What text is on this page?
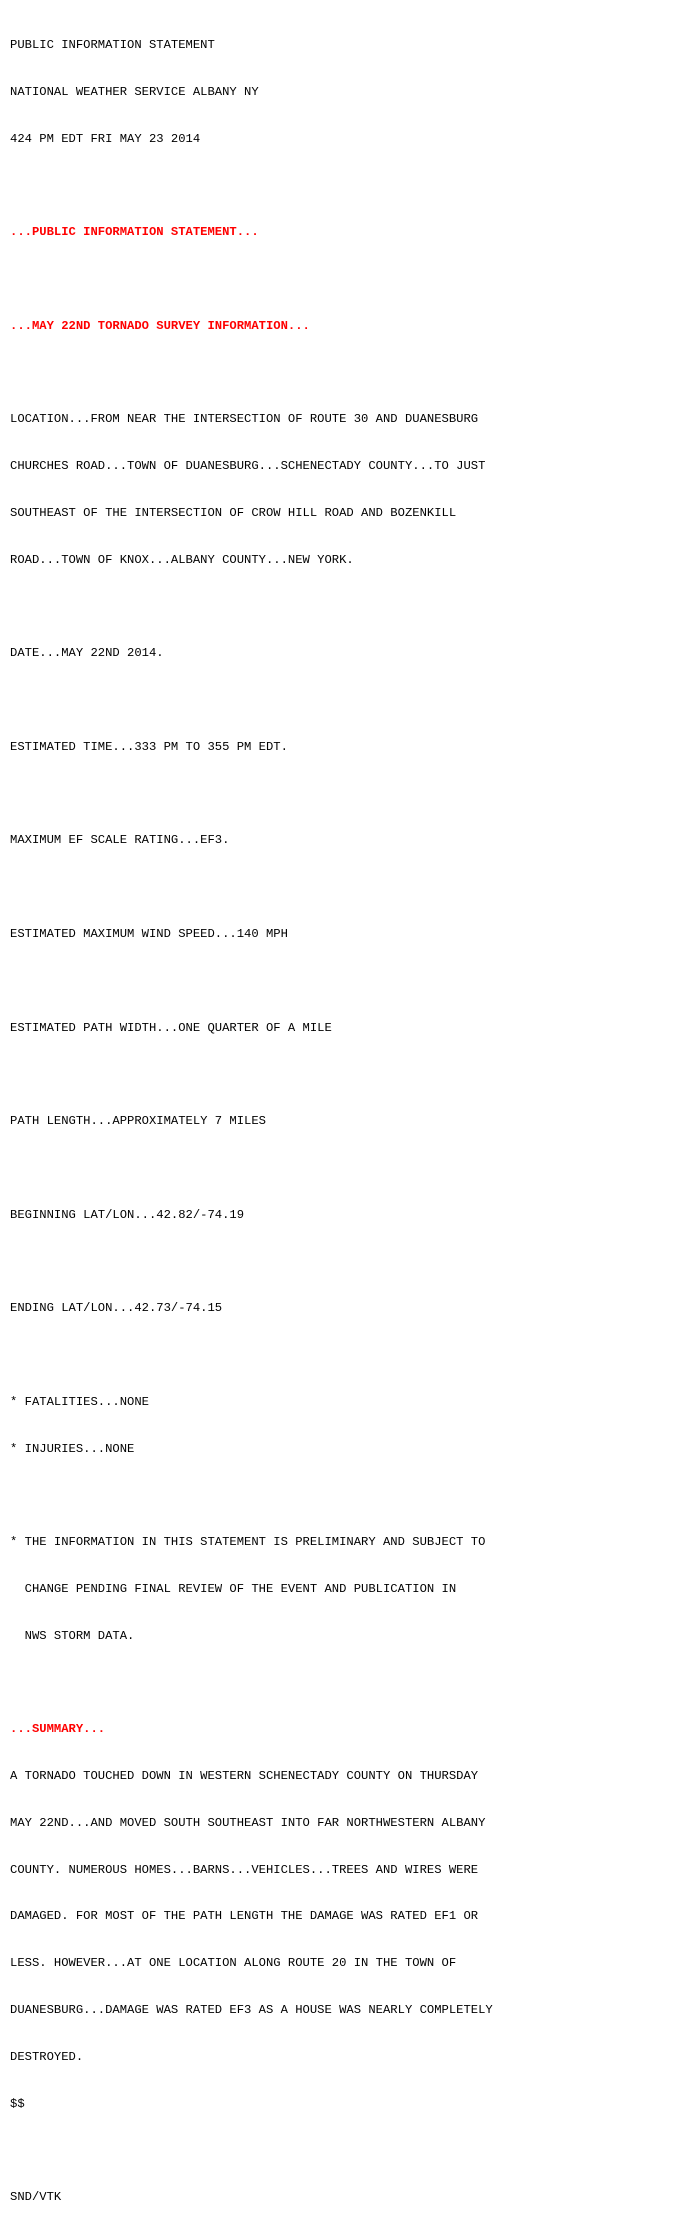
PUBLIC INFORMATION STATEMENT

NATIONAL WEATHER SERVICE ALBANY NY

424 PM EDT FRI MAY 23 2014

...PUBLIC INFORMATION STATEMENT...

...MAY 22ND TORNADO SURVEY INFORMATION...

LOCATION...FROM NEAR THE INTERSECTION OF ROUTE 30 AND DUANESBURG

CHURCHES ROAD...TOWN OF DUANESBURG...SCHENECTADY COUNTY...TO JUST

SOUTHEAST OF THE INTERSECTION OF CROW HILL ROAD AND BOZENKILL

ROAD...TOWN OF KNOX...ALBANY COUNTY...NEW YORK.

DATE...MAY 22ND 2014.

ESTIMATED TIME...333 PM TO 355 PM EDT.

MAXIMUM EF SCALE RATING...EF3.

ESTIMATED MAXIMUM WIND SPEED...140 MPH

ESTIMATED PATH WIDTH...ONE QUARTER OF A MILE

PATH LENGTH...APPROXIMATELY 7 MILES

BEGINNING LAT/LON...42.82/-74.19

ENDING LAT/LON...42.73/-74.15

* FATALITIES...NONE

* INJURIES...NONE

* THE INFORMATION IN THIS STATEMENT IS PRELIMINARY AND SUBJECT TO

CHANGE PENDING FINAL REVIEW OF THE EVENT AND PUBLICATION IN

NWS STORM DATA.

...SUMMARY...

A TORNADO TOUCHED DOWN IN WESTERN SCHENECTADY COUNTY ON THURSDAY

MAY 22ND...AND MOVED SOUTH SOUTHEAST INTO FAR NORTHWESTERN ALBANY

COUNTY. NUMEROUS HOMES...BARNS...VEHICLES...TREES AND WIRES WERE

DAMAGED. FOR MOST OF THE PATH LENGTH THE DAMAGE WAS RATED EF1 OR

LESS. HOWEVER...AT ONE LOCATION ALONG ROUTE 20 IN THE TOWN OF

DUANESBURG...DAMAGE WAS RATED EF3 AS A HOUSE WAS NEARLY COMPLETELY

DESTROYED.

$$

SND/VTK
